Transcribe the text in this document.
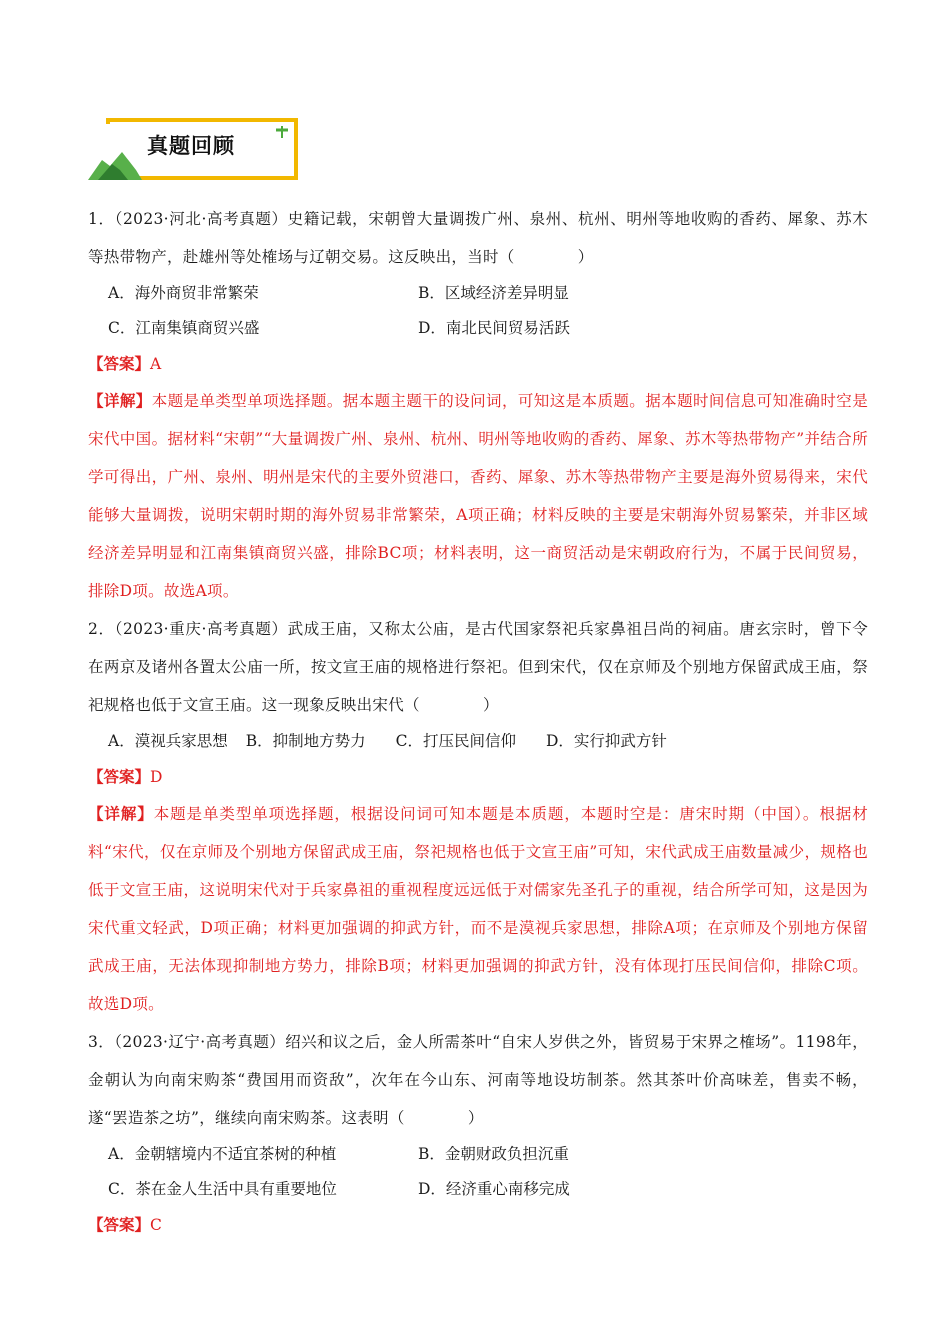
真题回顾
1．（2023·河北·高考真题）史籍记载，宋朝曾大量调拨广州、泉州、杭州、明州等地收购的香药、犀象、苏木等热带物产，赴雄州等处榷场与辽朝交易。这反映出，当时（　　　　）
A．海外商贸非常繁荣	B．区域经济差异明显
C．江南集镇商贸兴盛	D．南北民间贸易活跃
【答案】A
【详解】本题是单类型单项选择题。据本题主题干的设问词，可知这是本质题。据本题时间信息可知准确时空是宋代中国。据材料“宋朝”“大量调拨广州、泉州、杭州、明州等地收购的香药、犀象、苏木等热带物产”并结合所学可得出，广州、泉州、明州是宋代的主要外贸港口，香药、犀象、苏木等热带物产主要是海外贸易得来，宋代能够大量调拨，说明宋朝时期的海外贸易非常繁荣，A项正确；材料反映的主要是宋朝海外贸易繁荣，并非区域经济差异明显和江南集镇商贸兴盛，排除BC项；材料表明，这一商贸活动是宋朝政府行为，不属于民间贸易，排除D项。故选A项。
2．（2023·重庆·高考真题）武成王庙，又称太公庙，是古代国家祭祀兵家鼻祖吕尚的祠庙。唐玄宗时，曾下令在两京及诸州各置太公庙一所，按文宣王庙的规格进行祭祀。但到宋代，仅在京师及个别地方保留武成王庙，祭祀规格也低于文宣王庙。这一现象反映出宋代（　　　　）
A．漠视兵家思想 B．抑制地方势力 C．打压民间信仰 D．实行抑武方针
【答案】D
【详解】本题是单类型单项选择题，根据设问词可知本题是本质题，本题时空是：唐宋时期（中国）。根据材料“宋代，仅在京师及个别地方保留武成王庙，祭祀规格也低于文宣王庙”可知，宋代武成王庙数量减少，规格也低于文宣王庙，这说明宋代对于兵家鼻祖的重视程度远远低于对儒家先圣孔子的重视，结合所学可知，这是因为宋代重文轻武，D项正确；材料更加强调的抑武方针，而不是漠视兵家思想，排除A项；在京师及个别地方保留武成王庙，无法体现抑制地方势力，排除B项；材料更加强调的抑武方针，没有体现打压民间信仰，排除C项。故选D项。
3．（2023·辽宁·高考真题）绍兴和议之后，金人所需茶叶“自宋人岁供之外，皆贸易于宋界之榷场”。1198年，金朝认为向南宋购茶“费国用而资敌”，次年在今山东、河南等地设坊制茶。然其茶叶价高味差，售卖不畅，遂“罢造茶之坊”，继续向南宋购茶。这表明（　　　　）
A．金朝辖境内不适宜茶树的种植	B．金朝财政负担沉重
C．茶在金人生活中具有重要地位	D．经济重心南移完成
【答案】C
